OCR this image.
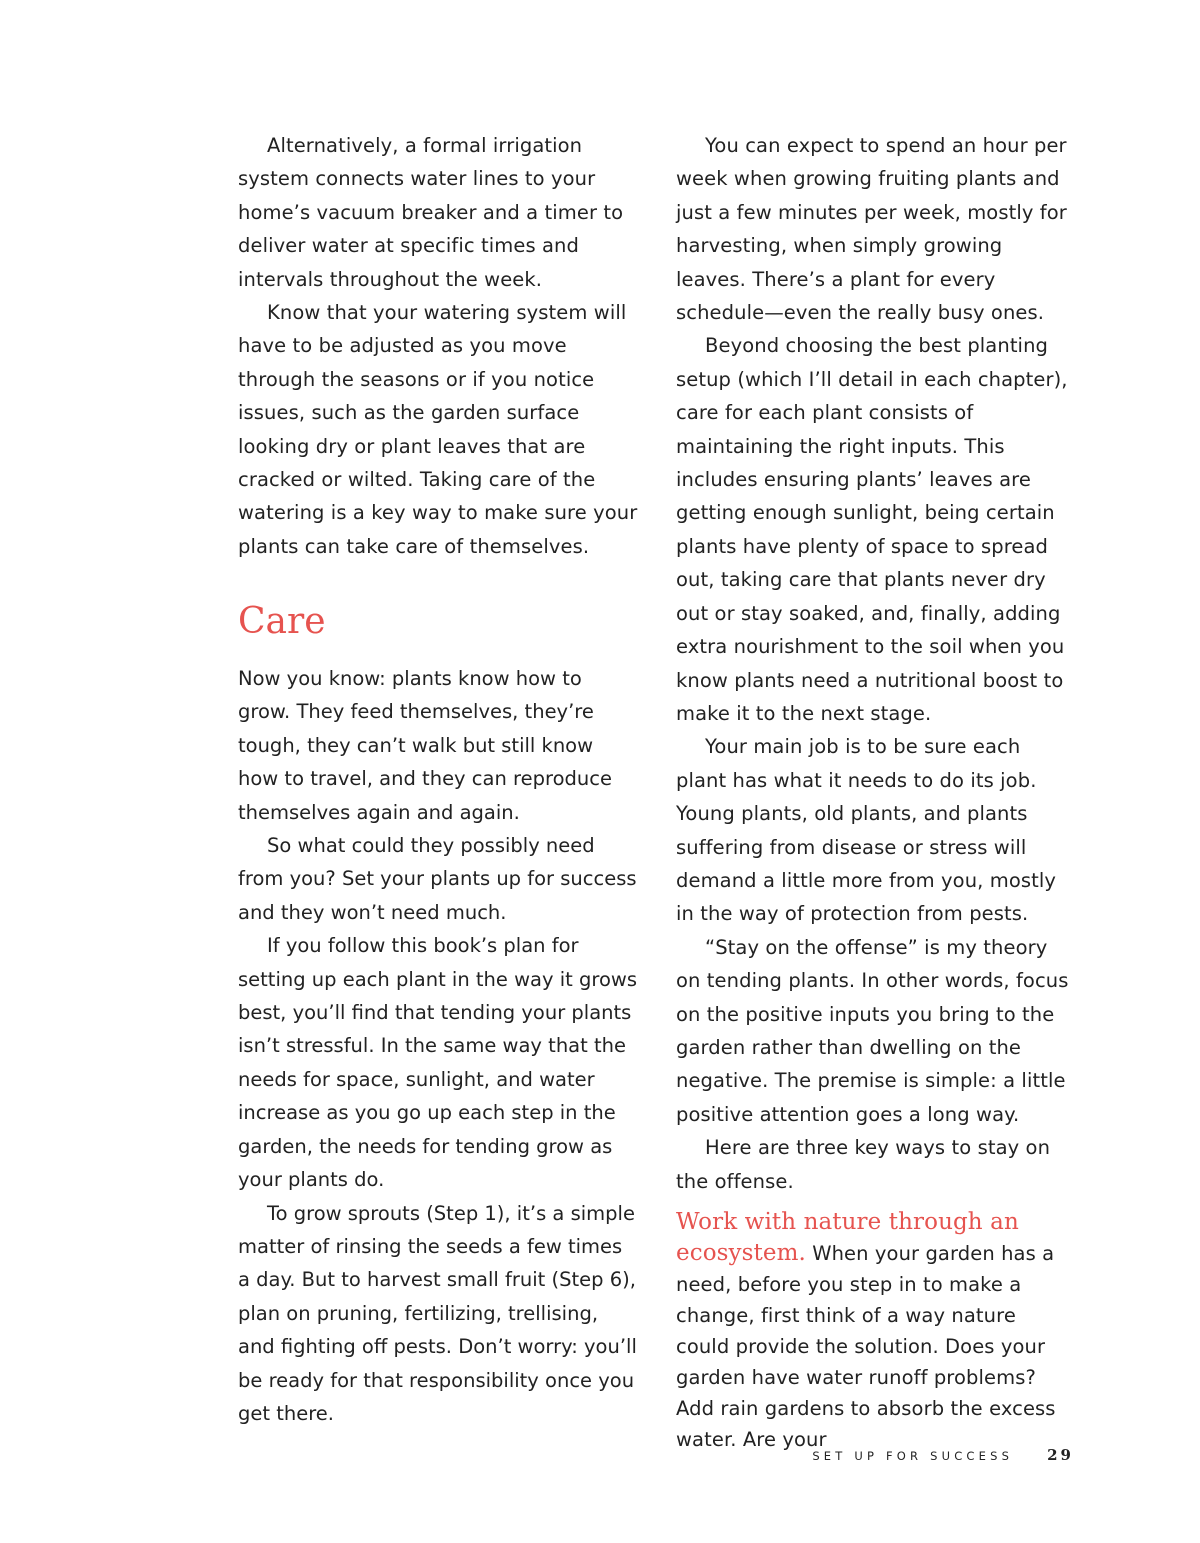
Alternatively, a formal irrigation system connects water lines to your home’s vacuum breaker and a timer to deliver water at specific times and intervals throughout the week.

Know that your watering system will have to be adjusted as you move through the seasons or if you notice issues, such as the garden surface looking dry or plant leaves that are cracked or wilted. Taking care of the watering is a key way to make sure your plants can take care of themselves.

Care

Now you know: plants know how to grow. They feed themselves, they’re tough, they can’t walk but still know how to travel, and they can reproduce themselves again and again.

So what could they possibly need from you? Set your plants up for success and they won’t need much.

If you follow this book’s plan for setting up each plant in the way it grows best, you’ll find that tending your plants isn’t stressful. In the same way that the needs for space, sunlight, and water increase as you go up each step in the garden, the needs for tending grow as your plants do.

To grow sprouts (Step 1), it’s a simple matter of rinsing the seeds a few times a day. But to harvest small fruit (Step 6), plan on pruning, fertilizing, trellising, and fighting off pests. Don’t worry: you’ll be ready for that responsibility once you get there.

You can expect to spend an hour per week when growing fruiting plants and just a few minutes per week, mostly for harvesting, when simply growing leaves. There’s a plant for every schedule—even the really busy ones.

Beyond choosing the best planting setup (which I’ll detail in each chapter), care for each plant consists of maintaining the right inputs. This includes ensuring plants’ leaves are getting enough sunlight, being certain plants have plenty of space to spread out, taking care that plants never dry out or stay soaked, and, finally, adding extra nourishment to the soil when you know plants need a nutritional boost to make it to the next stage.

Your main job is to be sure each plant has what it needs to do its job. Young plants, old plants, and plants suffering from disease or stress will demand a little more from you, mostly in the way of protection from pests.

“Stay on the offense” is my theory on tending plants. In other words, focus on the positive inputs you bring to the garden rather than dwelling on the negative. The premise is simple: a little positive attention goes a long way.

Here are three key ways to stay on the offense.

Work with nature through an ecosystem. When your garden has a need, before you step in to make a change, first think of a way nature could provide the solution. Does your garden have water runoff problems? Add rain gardens to absorb the excess water. Are your

SET UP FOR SUCCESS 29
